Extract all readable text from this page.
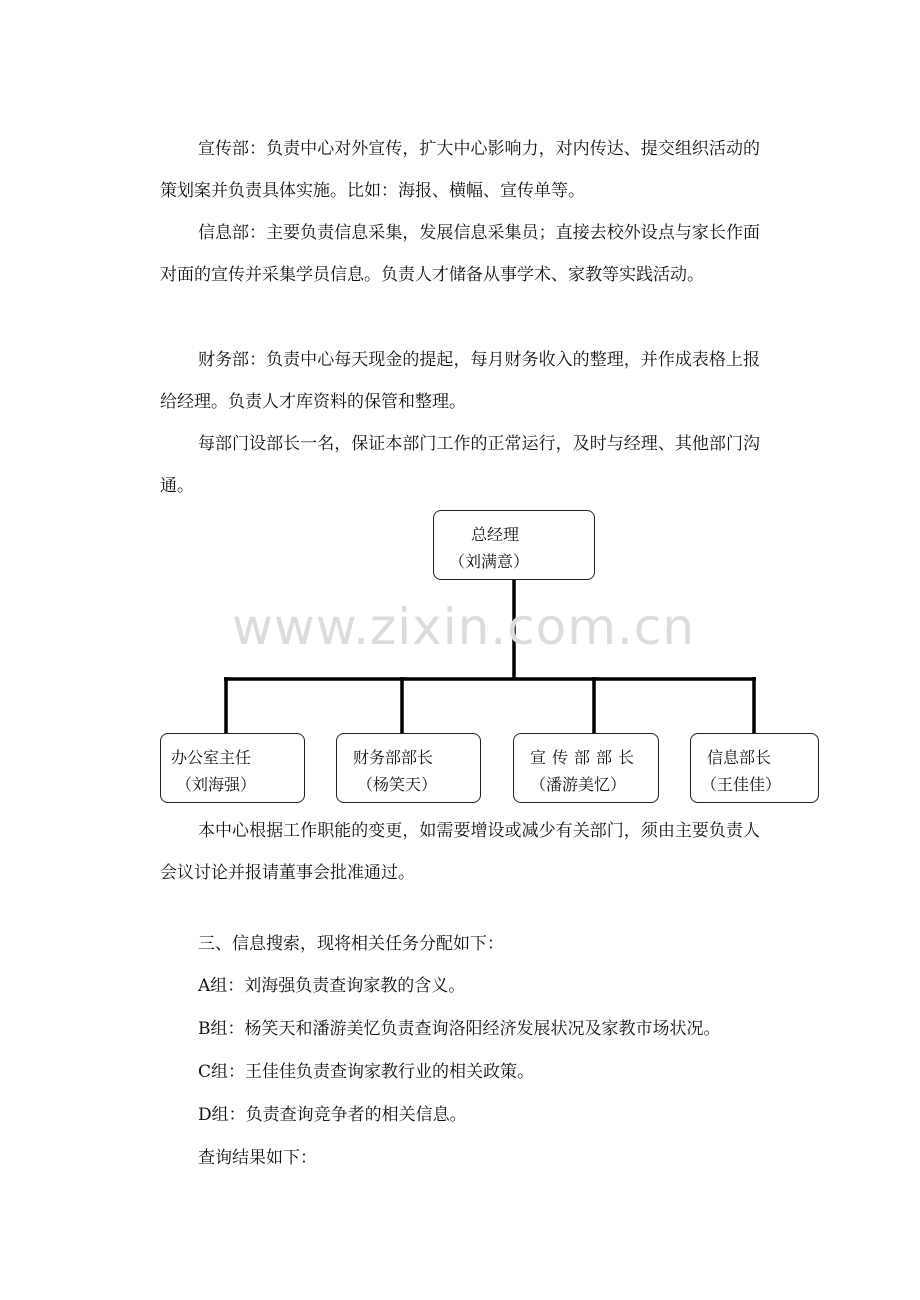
宣传部：负责中心对外宣传，扩大中心影响力，对内传达、提交组织活动的策划案并负责具体实施。比如：海报、横幅、宣传单等。

信息部：主要负责信息采集，发展信息采集员；直接去校外设点与家长作面对面的宣传并采集学员信息。负责人才储备从事学术、家教等实践活动。

财务部：负责中心每天现金的提起，每月财务收入的整理，并作成表格上报给经理。负责人才库资料的保管和整理。

每部门设部长一名，保证本部门工作的正常运行，及时与经理、其他部门沟通。

总经理
（刘满意）
办公室主任
（刘海强）
财务部部长
（杨笑天）
宣传部部长
（潘游美忆）
信息部长
（王佳佳）
www.zixin.com.cn

本中心根据工作职能的变更，如需要增设或减少有关部门，须由主要负责人会议讨论并报请董事会批准通过。

三、信息搜索，现将相关任务分配如下：

A组：刘海强负责查询家教的含义。

B组：杨笑天和潘游美忆负责查询洛阳经济发展状况及家教市场状况。

C组：王佳佳负责查询家教行业的相关政策。

D组：负责查询竞争者的相关信息。

查询结果如下：
